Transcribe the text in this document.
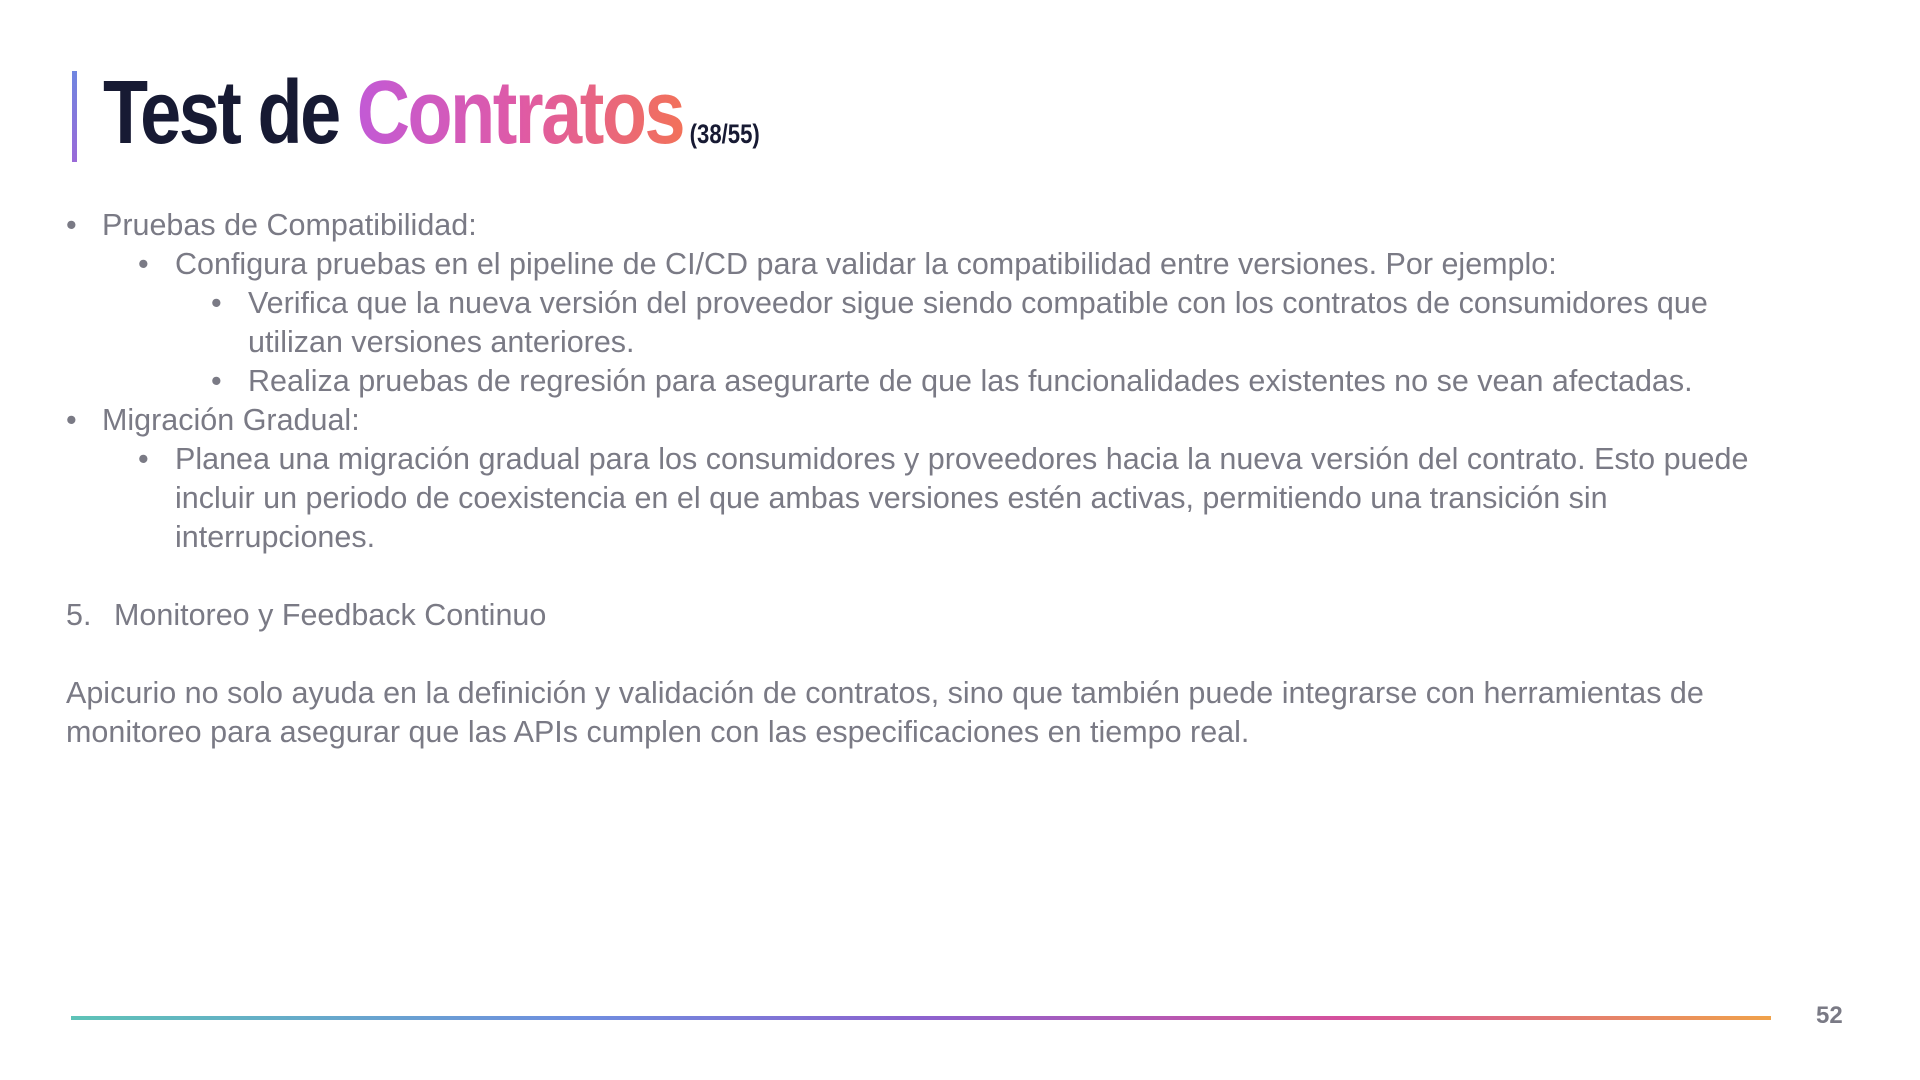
Test de Contratos (38/55)
• Pruebas de Compatibilidad:
• Configura pruebas en el pipeline de CI/CD para validar la compatibilidad entre versiones. Por ejemplo:
• Verifica que la nueva versión del proveedor sigue siendo compatible con los contratos de consumidores que
utilizan versiones anteriores.
• Realiza pruebas de regresión para asegurarte de que las funcionalidades existentes no se vean afectadas.
• Migración Gradual:
• Planea una migración gradual para los consumidores y proveedores hacia la nueva versión del contrato. Esto puede
incluir un periodo de coexistencia en el que ambas versiones estén activas, permitiendo una transición sin
interrupciones.
5. Monitoreo y Feedback Continuo
Apicurio no solo ayuda en la definición y validación de contratos, sino que también puede integrarse con herramientas de
monitoreo para asegurar que las APIs cumplen con las especificaciones en tiempo real.
52
